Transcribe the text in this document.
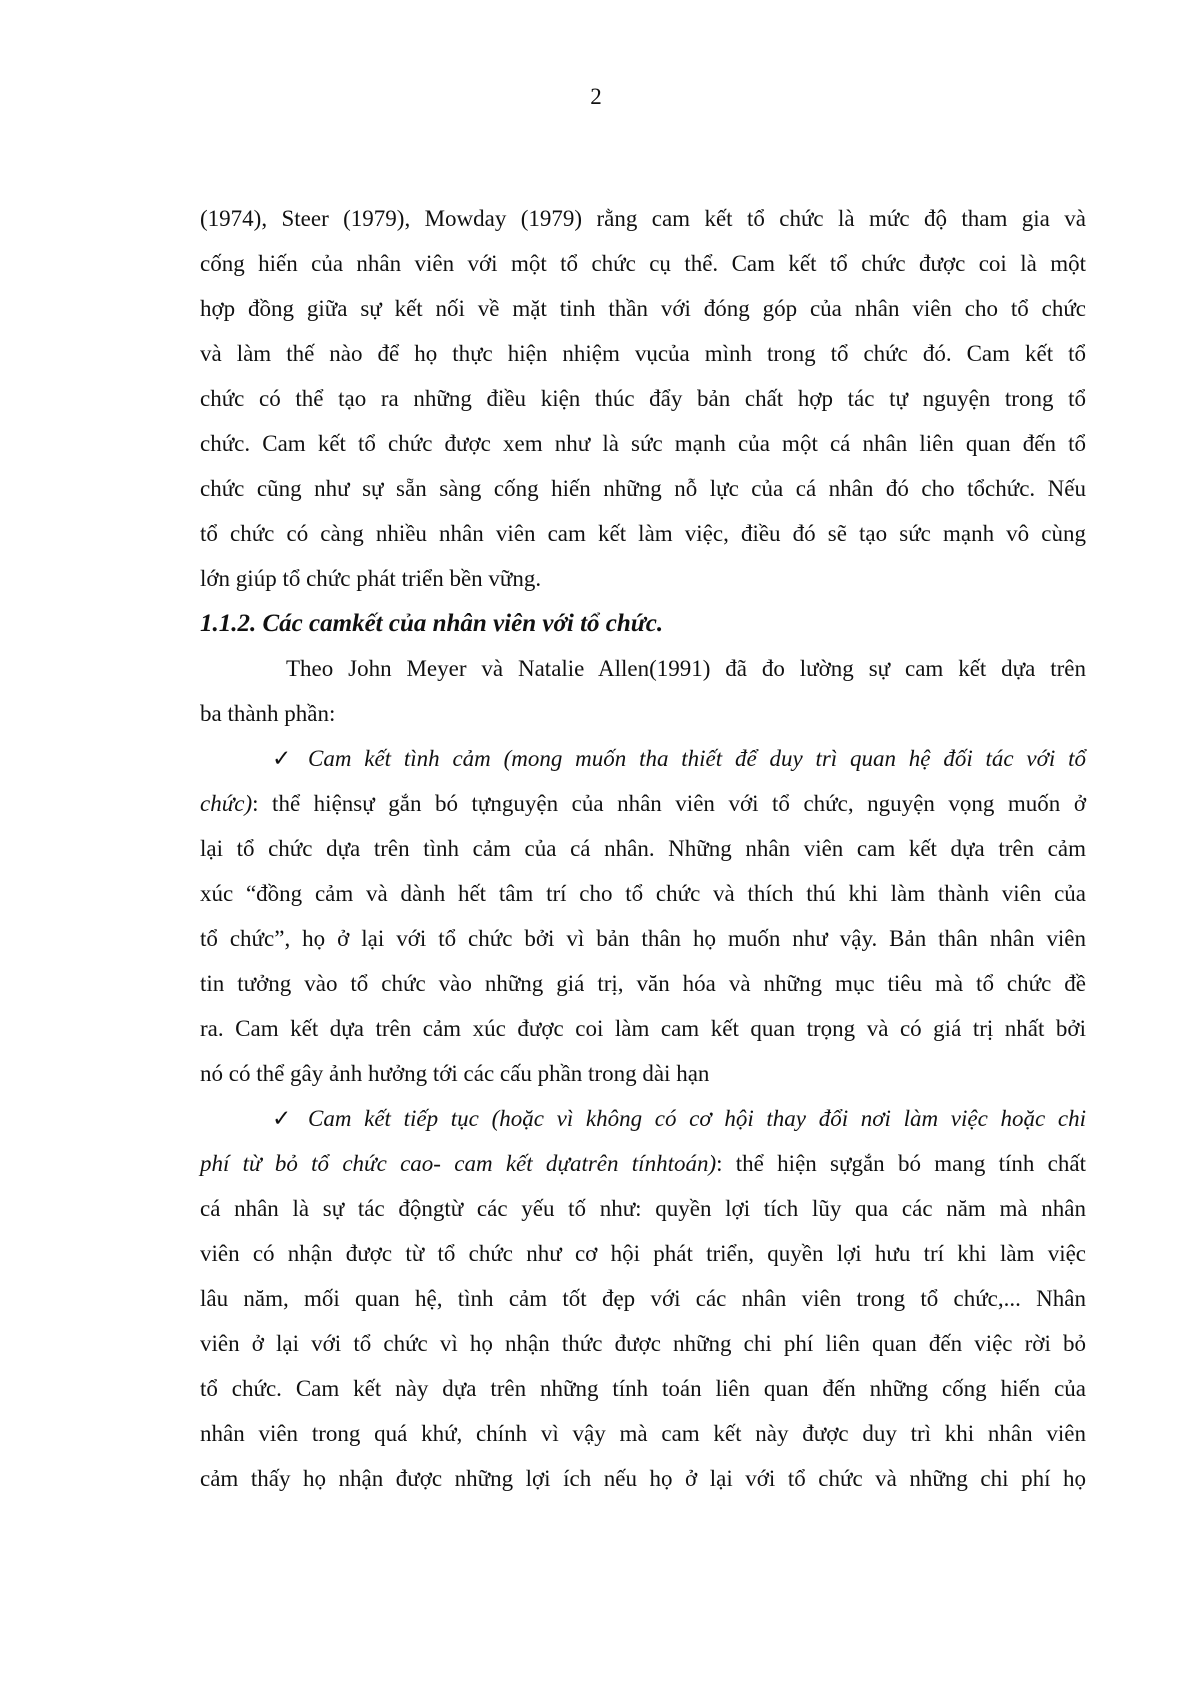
2
(1974), Steer (1979), Mowday (1979) rằng cam kết tổ chức là mức độ tham gia và
cống hiến của nhân viên với một tổ chức cụ thể. Cam kết tổ chức được coi là một
hợp đồng giữa sự kết nối về mặt tinh thần với đóng góp của nhân viên cho tổ chức
và làm thế nào để họ thực hiện nhiệm vụcủa mình trong tổ chức đó. Cam kết tổ
chức có thể tạo ra những điều kiện thúc đẩy bản chất hợp tác tự nguyện trong tổ
chức. Cam kết tổ chức được xem như là sức mạnh của một cá nhân liên quan đến tổ
chức cũng như sự sẵn sàng cống hiến những nỗ lực của cá nhân đó cho tổchức. Nếu
tổ chức có càng nhiều nhân viên cam kết làm việc, điều đó sẽ tạo sức mạnh vô cùng
lớn giúp tổ chức phát triển bền vững.
1.1.2. Các camkết của nhân viên với tổ chức.
Theo John Meyer và Natalie Allen(1991) đã đo lường sự cam kết dựa trên
ba thành phần:
✓ Cam kết tình cảm (mong muốn tha thiết để duy trì quan hệ đối tác với tổ
chức): thể hiệnsự gắn bó tựnguyện của nhân viên với tổ chức, nguyện vọng muốn ở
lại tổ chức dựa trên tình cảm của cá nhân. Những nhân viên cam kết dựa trên cảm
xúc “đồng cảm và dành hết tâm trí cho tổ chức và thích thú khi làm thành viên của
tổ chức”, họ ở lại với tổ chức bởi vì bản thân họ muốn như vậy. Bản thân nhân viên
tin tưởng vào tổ chức vào những giá trị, văn hóa và những mục tiêu mà tổ chức đề
ra. Cam kết dựa trên cảm xúc được coi làm cam kết quan trọng và có giá trị nhất bởi
nó có thể gây ảnh hưởng tới các cấu phần trong dài hạn
✓ Cam kết tiếp tục (hoặc vì không có cơ hội thay đổi nơi làm việc hoặc chi
phí từ bỏ tổ chức cao- cam kết dựatrên tínhtoán): thể hiện sựgắn bó mang tính chất
cá nhân là sự tác độngtừ các yếu tố như: quyền lợi tích lũy qua các năm mà nhân
viên có nhận được từ tổ chức như cơ hội phát triển, quyền lợi hưu trí khi làm việc
lâu năm, mối quan hệ, tình cảm tốt đẹp với các nhân viên trong tổ chức,... Nhân
viên ở lại với tổ chức vì họ nhận thức được những chi phí liên quan đến việc rời bỏ
tổ chức. Cam kết này dựa trên những tính toán liên quan đến những cống hiến của
nhân viên trong quá khứ, chính vì vậy mà cam kết này được duy trì khi nhân viên
cảm thấy họ nhận được những lợi ích nếu họ ở lại với tổ chức và những chi phí họ
